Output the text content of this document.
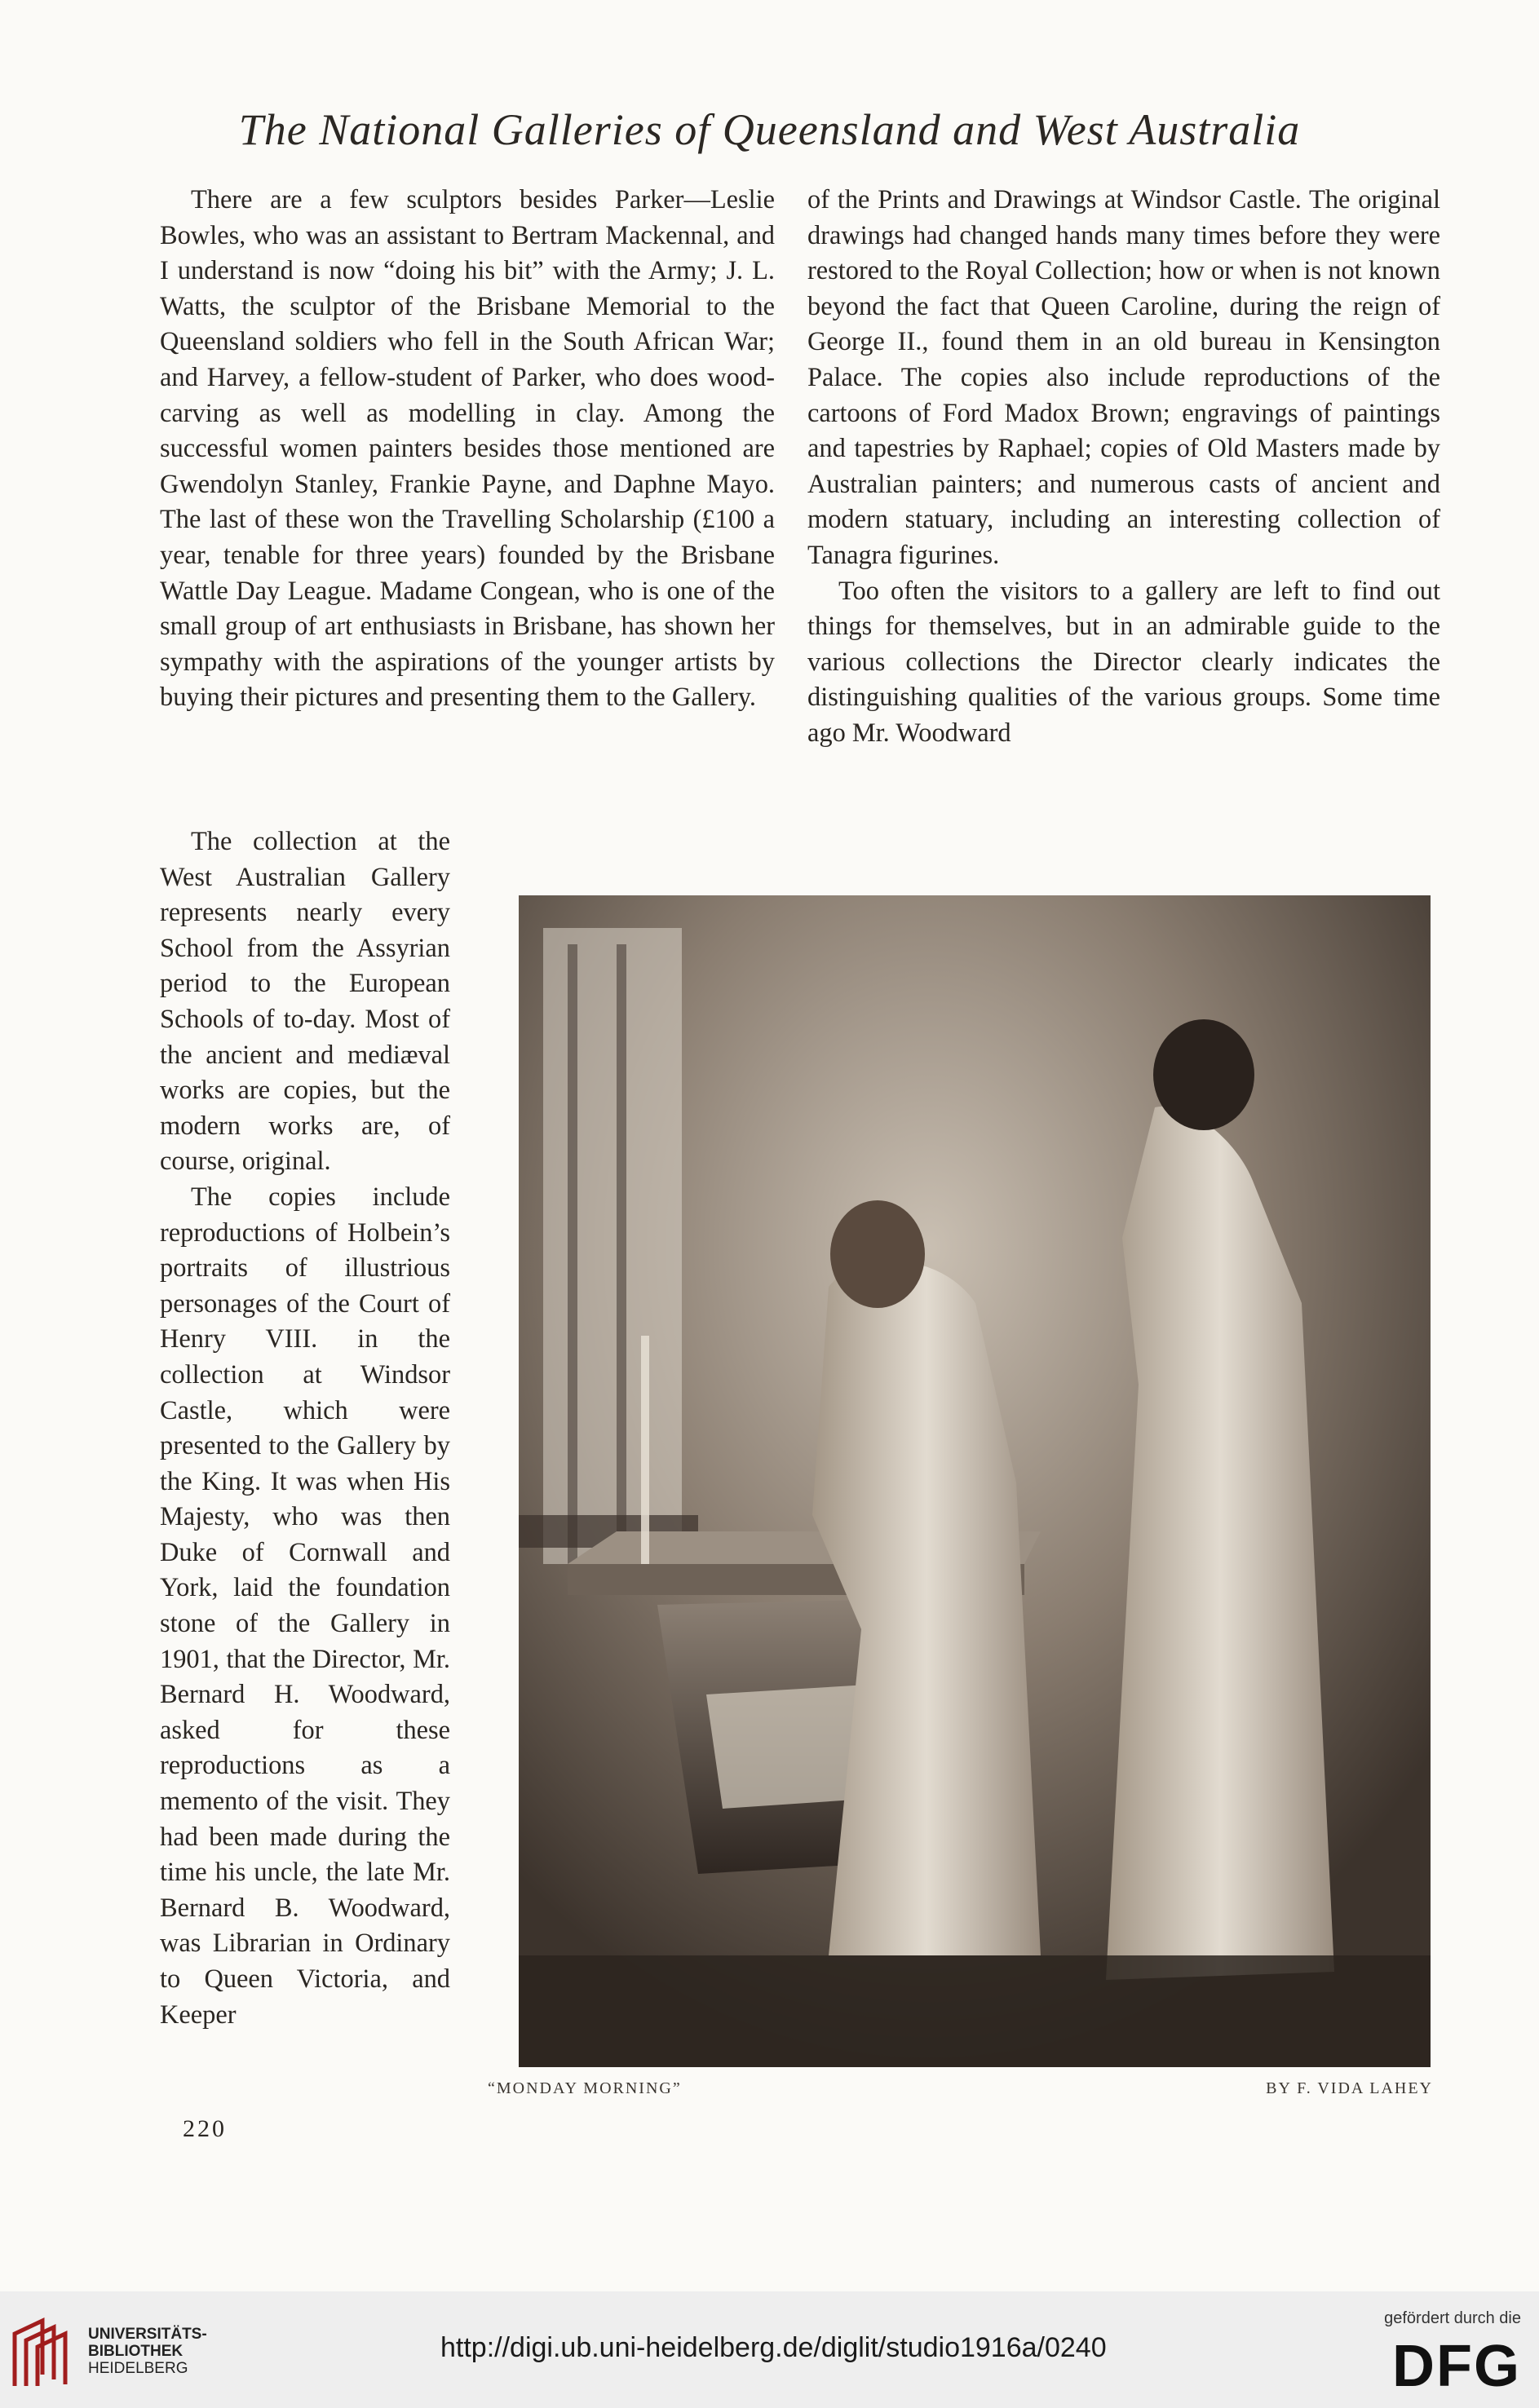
The National Galleries of Queensland and West Australia

There are a few sculptors besides Parker—Leslie Bowles, who was an assistant to Bertram Mackennal, and I understand is now “doing his bit” with the Army; J. L. Watts, the sculptor of the Brisbane Memorial to the Queensland soldiers who fell in the South African War; and Harvey, a fellow-student of Parker, who does wood-carving as well as modelling in clay. Among the successful women painters besides those mentioned are Gwendolyn Stanley, Frankie Payne, and Daphne Mayo. The last of these won the Travelling Scholarship (£100 a year, tenable for three years) founded by the Brisbane Wattle Day League. Madame Congean, who is one of the small group of art enthusiasts in Brisbane, has shown her sympathy with the aspirations of the younger artists by buying their pictures and presenting them to the Gallery.

of the Prints and Drawings at Windsor Castle. The original drawings had changed hands many times before they were restored to the Royal Collection; how or when is not known beyond the fact that Queen Caroline, during the reign of George II., found them in an old bureau in Kensington Palace. The copies also include reproductions of the cartoons of Ford Madox Brown; engravings of paintings and tapestries by Raphael; copies of Old Masters made by Australian painters; and numerous casts of ancient and modern statuary, including an interesting collection of Tanagra figurines.

Too often the visitors to a gallery are left to find out things for themselves, but in an admirable guide to the various collections the Director clearly indicates the distinguishing qualities of the various groups. Some time ago Mr. Woodward

The collection at the West Australian Gallery represents nearly every School from the Assyrian period to the European Schools of to-day. Most of the ancient and mediæval works are copies, but the modern works are, of course, original.

The copies include reproductions of Holbein’s portraits of illustrious personages of the Court of Henry VIII. in the collection at Windsor Castle, which were presented to the Gallery by the King. It was when His Majesty, who was then Duke of Cornwall and York, laid the foundation stone of the Gallery in 1901, that the Director, Mr. Bernard H. Woodward, asked for these reproductions as a memento of the visit. They had been made during the time his uncle, the late Mr. Bernard B. Woodward, was Librarian in Ordinary to Queen Victoria, and Keeper

“MONDAY MORNING”	BY F. VIDA LAHEY
220
UNIVERSITÄTS-
BIBLIOTHEK
HEIDELBERG
http://digi.ub.uni-heidelberg.de/diglit/studio1916a/0240
gefördert durch die
DFG
